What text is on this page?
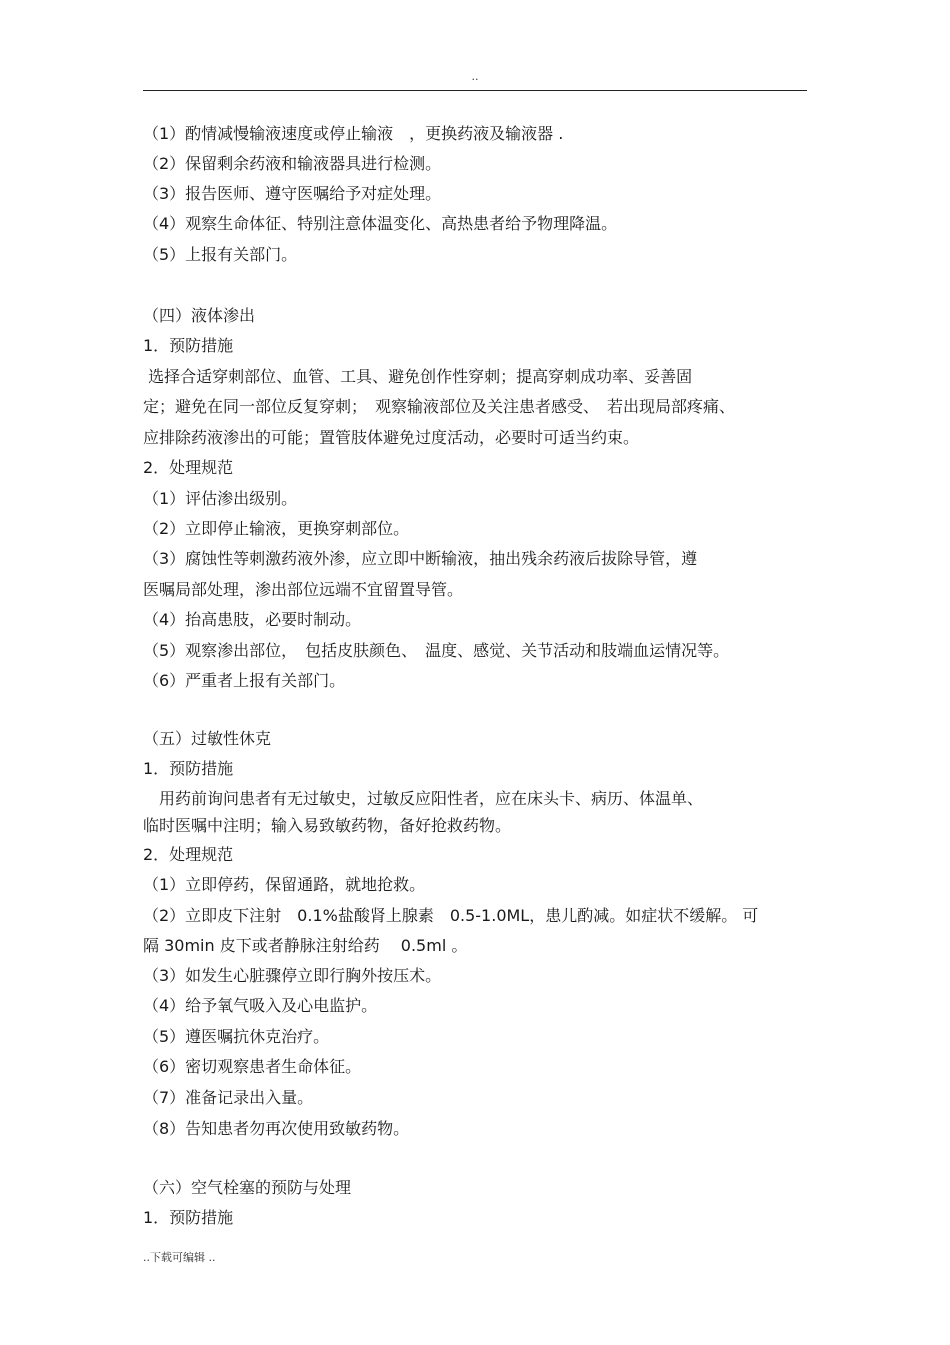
..
（1）酌情减慢输液速度或停止输液　，更换药液及输液器 .
（2）保留剩余药液和输液器具进行检测。
（3）报告医师、遵守医嘱给予对症处理。
（4）观察生命体征、特别注意体温变化、高热患者给予物理降温。
（5）上报有关部门。
（四）液体渗出
1．预防措施
选择合适穿刺部位、血管、工具、避免创作性穿刺；提高穿刺成功率、妥善固
定；避免在同一部位反复穿刺；　观察输液部位及关注患者感受、　若出现局部疼痛、
应排除药液渗出的可能；置管肢体避免过度活动，必要时可适当约束。
2．处理规范
（1）评估渗出级别。
（2）立即停止输液，更换穿刺部位。
（3）腐蚀性等刺激药液外渗，应立即中断输液，抽出残余药液后拔除导管，遵
医嘱局部处理，渗出部位远端不宜留置导管。
（4）抬高患肢，必要时制动。
（5）观察渗出部位，　包括皮肤颜色、　温度、感觉、关节活动和肢端血运情况等。
（6）严重者上报有关部门。
（五）过敏性休克
1．预防措施
　用药前询问患者有无过敏史，过敏反应阳性者，应在床头卡、病历、体温单、
临时医嘱中注明；输入易致敏药物，备好抢救药物。
2．处理规范
（1）立即停药，保留通路，就地抢救。
（2）立即皮下注射　0.1%盐酸肾上腺素　0.5-1.0ML，患儿酌减。如症状不缓解。 可
隔 30min 皮下或者静脉注射给药　 0.5ml 。
（3）如发生心脏骤停立即行胸外按压术。
（4）给予氧气吸入及心电监护。
（5）遵医嘱抗休克治疗。
（6）密切观察患者生命体征。
（7）准备记录出入量。
（8）告知患者勿再次使用致敏药物。
（六）空气栓塞的预防与处理
1．预防措施
..下载可编辑 ..
